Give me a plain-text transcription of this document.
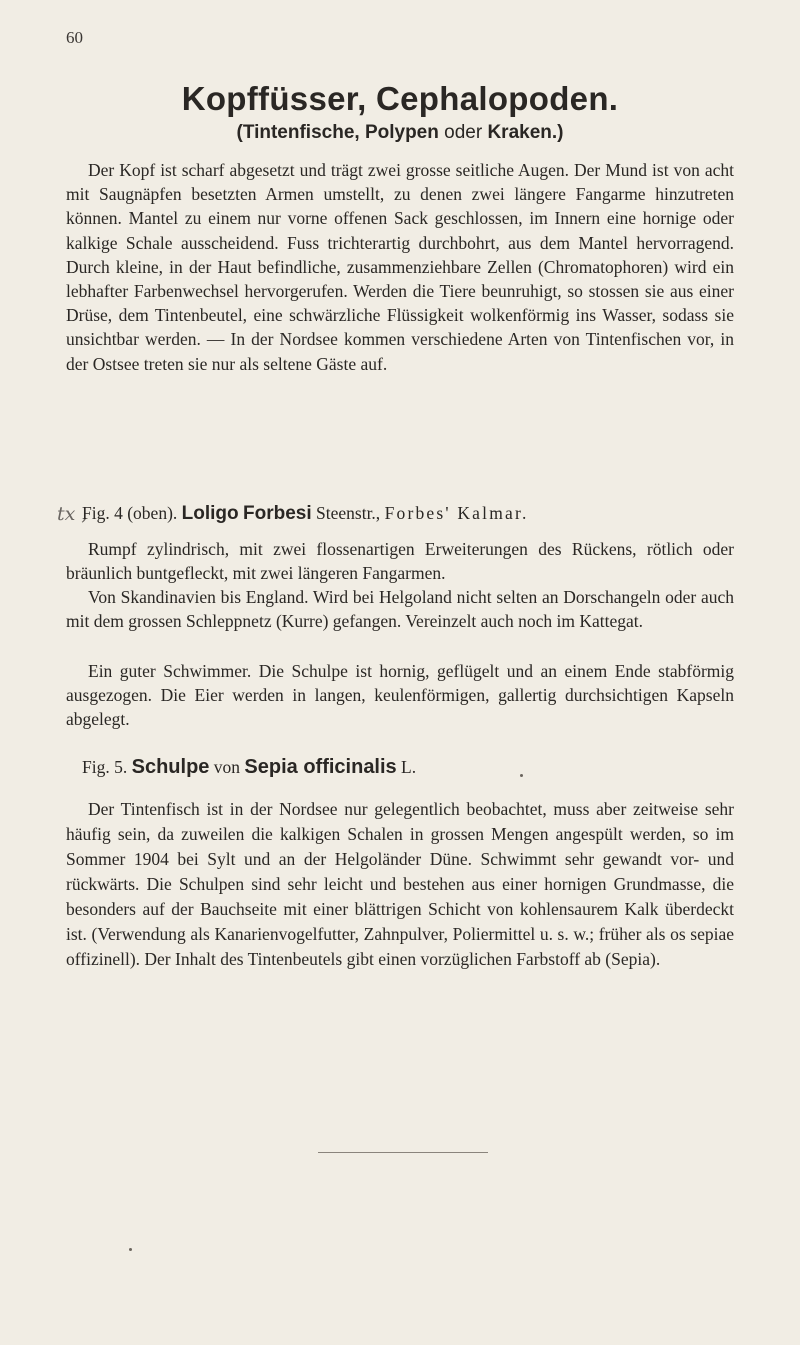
60
Kopffüsser, Cephalopoden.
(Tintenfische, Polypen oder Kraken.)

Der Kopf ist scharf abgesetzt und trägt zwei grosse seitliche Augen. Der Mund ist von acht mit Saugnäpfen besetzten Armen umstellt, zu denen zwei längere Fangarme hinzutreten können. Mantel zu einem nur vorne offenen Sack geschlossen, im Innern eine hornige oder kalkige Schale ausscheidend. Fuss trichterartig durchbohrt, aus dem Mantel hervorragend. Durch kleine, in der Haut befindliche, zusammenziehbare Zellen (Chromatophoren) wird ein lebhafter Farbenwechsel hervorgerufen. Werden die Tiere beunruhigt, so stossen sie aus einer Drüse, dem Tintenbeutel, eine schwärzliche Flüssigkeit wolkenförmig ins Wasser, sodass sie unsichtbar werden. — In der Nordsee kommen verschiedene Arten von Tintenfischen vor, in der Ostsee treten sie nur als seltene Gäste auf.

tx ,
Fig. 4 (oben). Loligo Forbesi Steenstr., Forbes' Kalmar.

Rumpf zylindrisch, mit zwei flossenartigen Erweiterungen des Rückens, rötlich oder bräunlich buntgefleckt, mit zwei längeren Fangarmen.

Von Skandinavien bis England. Wird bei Helgoland nicht selten an Dorschangeln oder auch mit dem grossen Schleppnetz (Kurre) gefangen. Vereinzelt auch noch im Kattegat.

Ein guter Schwimmer. Die Schulpe ist hornig, geflügelt und an einem Ende stabförmig ausgezogen. Die Eier werden in langen, keulenförmigen, gallertig durchsichtigen Kapseln abgelegt.

Fig. 5. Schulpe von Sepia officinalis L.

Der Tintenfisch ist in der Nordsee nur gelegentlich beobachtet, muss aber zeitweise sehr häufig sein, da zuweilen die kalkigen Schalen in grossen Mengen angespült werden, so im Sommer 1904 bei Sylt und an der Helgoländer Düne. Schwimmt sehr gewandt vor- und rückwärts. Die Schulpen sind sehr leicht und bestehen aus einer hornigen Grundmasse, die besonders auf der Bauchseite mit einer blättrigen Schicht von kohlensaurem Kalk überdeckt ist. (Verwendung als Kanarienvogelfutter, Zahnpulver, Poliermittel u. s. w.; früher als os sepiae offizinell). Der Inhalt des Tintenbeutels gibt einen vorzüglichen Farbstoff ab (Sepia).
